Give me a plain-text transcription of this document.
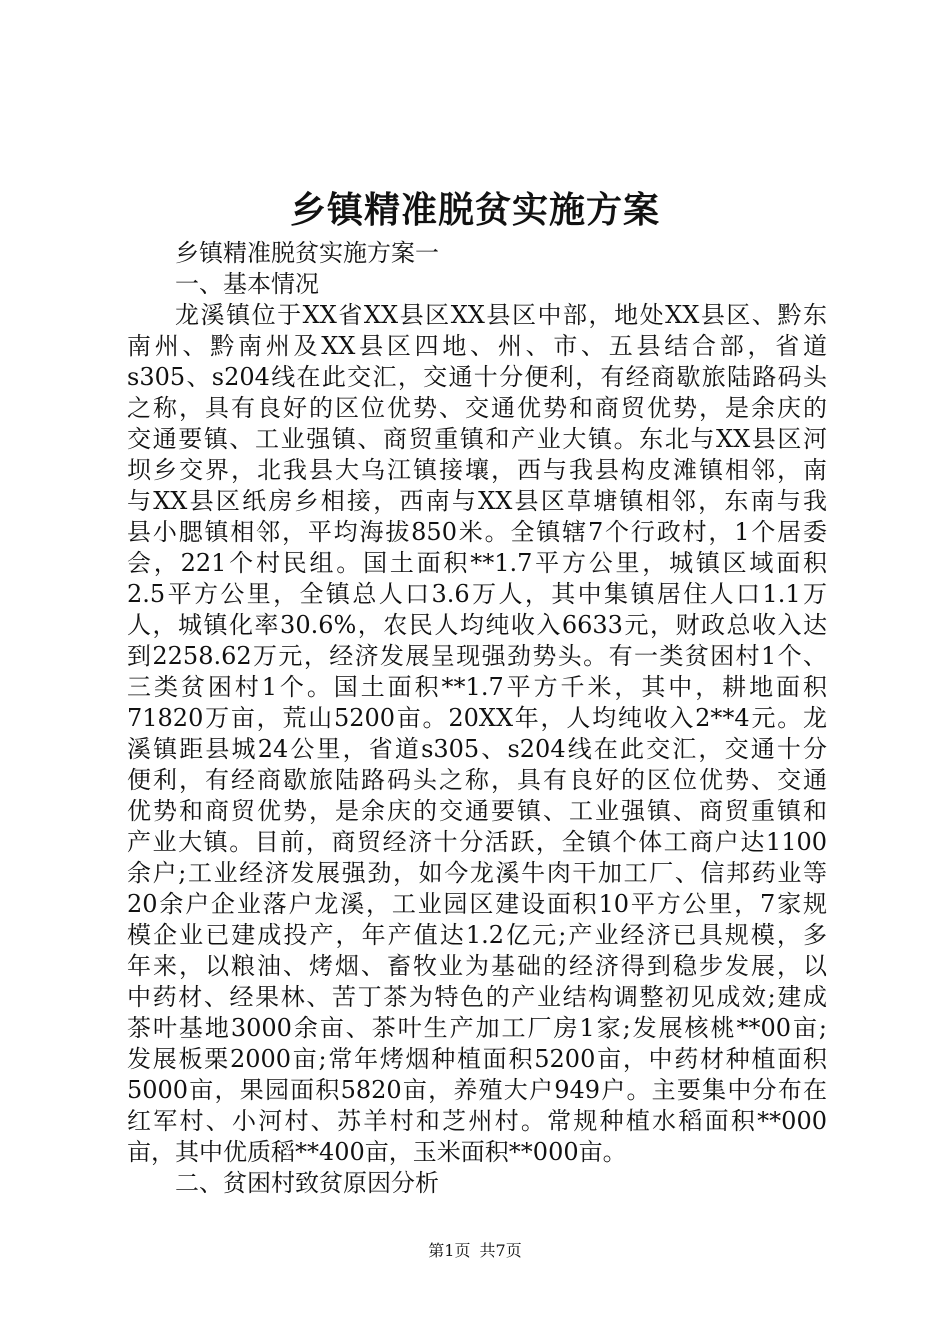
乡镇精准脱贫实施方案
乡镇精准脱贫实施方案一
一、基本情况
龙溪镇位于XX省XX县区XX县区中部，地处XX县区、黔东
南州、黔南州及XX县区四地、州、市、五县结合部，省道
s305、s204线在此交汇，交通十分便利，有经商歇旅陆路码头
之称，具有良好的区位优势、交通优势和商贸优势，是余庆的
交通要镇、工业强镇、商贸重镇和产业大镇。东北与XX县区河
坝乡交界，北我县大乌江镇接壤，西与我县构皮滩镇相邻，南
与XX县区纸房乡相接，西南与XX县区草塘镇相邻，东南与我
县小腮镇相邻，平均海拔850米。全镇辖7个行政村，1个居委
会，221个村民组。国土面积**1.7平方公里，城镇区域面积
2.5平方公里，全镇总人口3.6万人，其中集镇居住人口1.1万
人，城镇化率30.6%，农民人均纯收入6633元，财政总收入达
到2258.62万元，经济发展呈现强劲势头。有一类贫困村1个、
三类贫困村1个。国土面积**1.7平方千米，其中，耕地面积
71820万亩，荒山5200亩。20XX年，人均纯收入2**4元。龙
溪镇距县城24公里，省道s305、s204线在此交汇，交通十分
便利，有经商歇旅陆路码头之称，具有良好的区位优势、交通
优势和商贸优势，是余庆的交通要镇、工业强镇、商贸重镇和
产业大镇。目前，商贸经济十分活跃，全镇个体工商户达1100
余户;工业经济发展强劲，如今龙溪牛肉干加工厂、信邦药业等
20余户企业落户龙溪，工业园区建设面积10平方公里，7家规
模企业已建成投产，年产值达1.2亿元;产业经济已具规模，多
年来，以粮油、烤烟、畜牧业为基础的经济得到稳步发展，以
中药材、经果林、苦丁茶为特色的产业结构调整初见成效;建成
茶叶基地3000余亩、茶叶生产加工厂房1家;发展核桃**00亩;
发展板栗2000亩;常年烤烟种植面积5200亩，中药材种植面积
5000亩，果园面积5820亩，养殖大户949户。主要集中分布在
红军村、小河村、苏羊村和芝州村。常规种植水稻面积**000
亩，其中优质稻**400亩，玉米面积**000亩。
二、贫困村致贫原因分析
第1页 共7页
